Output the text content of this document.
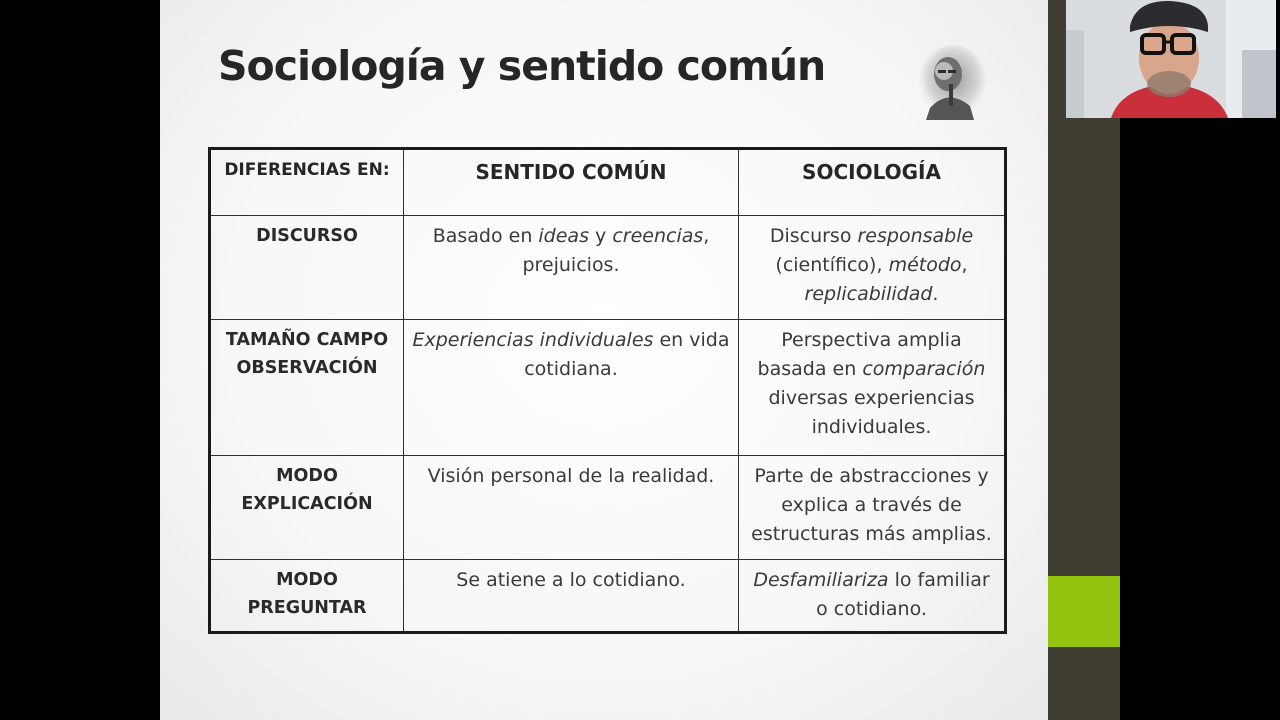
Sociología y sentido común
DIFERENCIAS EN:	SENTIDO COMÚN	SOCIOLOGÍA
DISCURSO	Basado en ideas y creencias, prejuicios.	Discurso responsable (científico), método, replicabilidad.
TAMAÑO CAMPO OBSERVACIÓN	Experiencias individuales en vida cotidiana.	Perspectiva amplia basada en comparación diversas experiencias individuales.
MODO EXPLICACIÓN	Visión personal de la realidad.	Parte de abstracciones y explica a través de estructuras más amplias.
MODO PREGUNTAR	Se atiene a lo cotidiano.	Desfamiliariza lo familiar o cotidiano.
